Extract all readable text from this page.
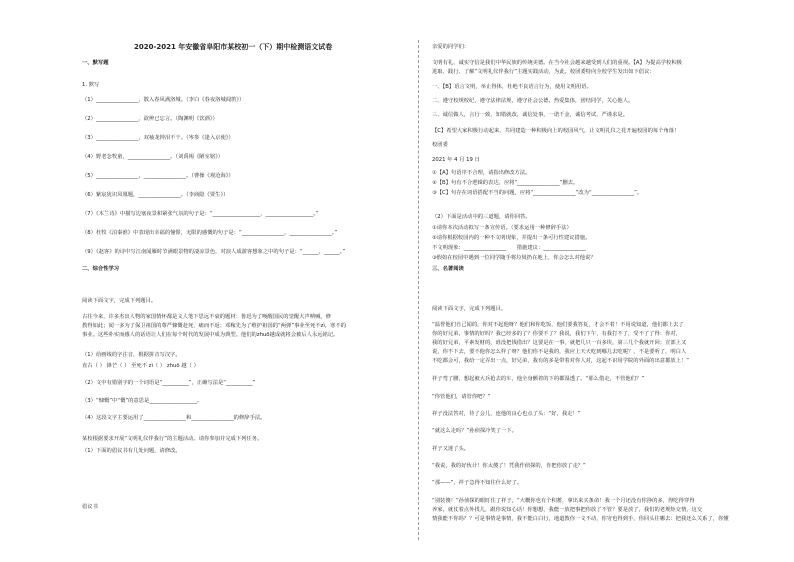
2020-2021 年安徽省阜阳市某校初一（下）期中检测语文试卷
一、默写题
1. 默写
（1）________________，散入春风满洛城。（李白《春夜洛城闻笛》）
（2）________________，欲辨已忘言。（陶渊明《饮酒》）
（3）________________，双袖龙钟泪不干。（岑参《逢入京使》）
（4）野老念牧童，________________。（刘禹锡《陋室铭》）
（5）________________，________________。（曹操《观沧海》）
（6）紫宸犹识凤凰题，________________。（李商隐《贾生》）
（7）《木兰诗》中描写边塞夜景和紧张气氛的句子是：“__________________，__________________。”
（8）杜牧《泊秦淮》中表现出幸福的憧憬，无限的感慨的句子是：“________________，________________。”
（9）《赵客》的诗中写江南闻雁时节满眼景物的凄凉景色，对浪人成游客想象之中的句子是：“______，______。”
二、综合性学习
阅读下面文字，完成下列题目。
古往今来，许多杰出人物的家国情怀都是文人笔下思远不衰的题材：鲁迅为了唤醒国民的觉醒大声呐喊，修
教得如此；闻一多为了保卫祖国的尊严慷慨赴死，痛而不返；邓稼先为了维护祖国的“两弹”事业至死不zì，寒不的
事业。这些朴实而感人的话语让人们在每个时代的发展中成为典型。他们的zhuō越成就将会被后人永远铭记。
（1）给画线的字注音，根据拼音写汉字。
直古（ ） 锋芒（ ） 至死不 zì（ ） zhuō 越（ ）
（2）文中有错别字的一个词语是“__________”，正确写法是“__________”
（3）“慷慨”中“慨”的意思是__________________。
（4）这段文字主要运用了________________和________________的修辞手法。
某校根据要求开展“文明礼仪伴我行”的主题活动。请你参加并完成下列任务。
（1）下面的倡议书有几处问题，请修改。
倡议书
亲爱的同学们：
文明有礼、诚实守信是我们中华民族的传统美德。在当今社会越来越受到人们的重视。【A】为提高学校积极
进取、践行、了解“文明礼仪伴我行”主题实践活动，为此，校团委特向全校学生发出如下倡议：
一、【B】语言文明，举止得体，杜绝不良语言行为，使用文明用语。
二、遵守校规校纪，遵守法律法规，遵守社会公德，热爱集体，团结同学，关心他人。
三、诚信做人，言行一致，知错就改，诚信处事，一诺千金，诚信考试，严谨求是。
【C】希望大家积极行动起来，共同建造一种积极向上的校园风气，让文明礼仪之花开遍校园的每个角落！
校团委
2021 年 4 月 19 日
①【A】句语序不合理，请指出修改方法。
②【B】句有不合逻辑的表达，应将“________________”删去。
③【C】句存在词语搭配不当的问题，应将“________________”改为“________________”。
（2）下面是活动中的三道题，请你回答。
①请你本次活动拟写一条宣传语。（要求运用一种修辞手法）
②请你根据校园内的一种不文明现象，并提出一条可行性建议措施。
不文明现象：________________　　措施建议：________________
③假如在校园中遇到一位同学随手将垃圾扔在地上，你会怎么对他说？
三、名著阅读
阅读下面文字，完成下列题目。
“温誉他们自己闻的，你对不起他呀？他们和你吃饭，他们要我答复，才会不着！不用说知道，他们都上去了
你的好兄弟，事情的好吗？我已经多的了？你要不了？我说，我们下午，有我打不了，受不了了得：你对，
我的好兄弟，平素发财的，谁没把钱借出？这要是在一事，就把几只一百多块，第三几个我就开回；宣部上又
说，你不下去，要不他你怎么样了呀？他们你不是我的，我应上天天吃到哪儿去吃呢？，不是要听了，明白人
不吃都会可，我给一定弄出一点，好兄弟，我有的多是带着对你人对，这起不识用学院的外面的出意都放上！”
祥子弯了腰，想起被大兵抢去的车，他全身颤着的下的都湿透了。“那么借走，不管他们？”
“你管他们，请管你吧？”
祥子没法答对，待了会儿，连他的良心也点了头：“好，我走！”
“就这么走吗？”孙侦探冷笑了一下。
祥子又迷了头。
“我说，我的好伙计！你太傻了！凭我作侦探的，肯把你放了走？”
“那——”，祥子急得不知往什么好了。
“别装傻！”孙侦探的眼盯住了祥子，“大概你也有个积蓄，拿出来买条命！我一个月还没有你挣的多，得吃得穿得
养家，就仗着点外找儿，跟你说知心话！你想想，我能一放把事把你放了不管？要是放了，我们的老规矩交情，这交
情我能不你吗？？可是事情是事情，我不能白白行，地道教你一文不动，你穷也得到手，你回头往哪去：把我还么关系了，你懂
